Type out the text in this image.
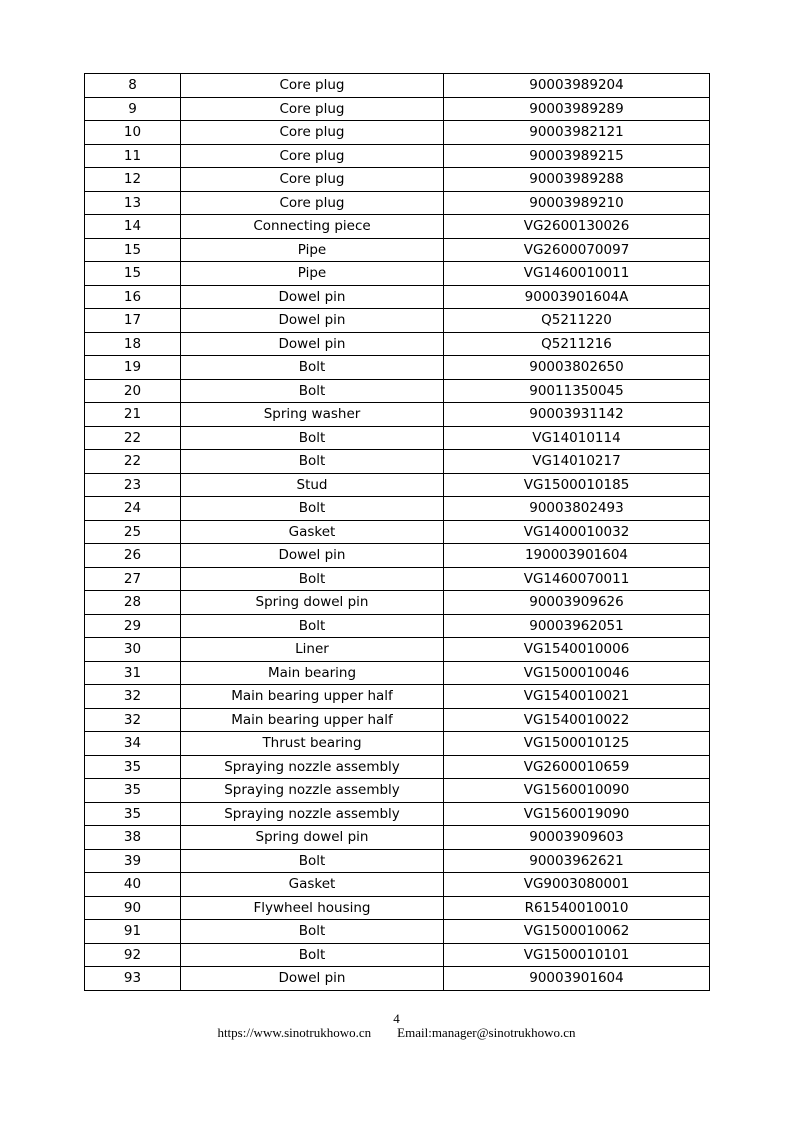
8	Core plug	90003989204
9	Core plug	90003989289
10	Core plug	90003982121
11	Core plug	90003989215
12	Core plug	90003989288
13	Core plug	90003989210
14	Connecting piece	VG2600130026
15	Pipe	VG2600070097
15	Pipe	VG1460010011
16	Dowel pin	90003901604A
17	Dowel pin	Q5211220
18	Dowel pin	Q5211216
19	Bolt	90003802650
20	Bolt	90011350045
21	Spring washer	90003931142
22	Bolt	VG14010114
22	Bolt	VG14010217
23	Stud	VG1500010185
24	Bolt	90003802493
25	Gasket	VG1400010032
26	Dowel pin	190003901604
27	Bolt	VG1460070011
28	Spring dowel pin	90003909626
29	Bolt	90003962051
30	Liner	VG1540010006
31	Main bearing	VG1500010046
32	Main bearing upper half	VG1540010021
32	Main bearing upper half	VG1540010022
34	Thrust bearing	VG1500010125
35	Spraying nozzle assembly	VG2600010659
35	Spraying nozzle assembly	VG1560010090
35	Spraying nozzle assembly	VG1560019090
38	Spring dowel pin	90003909603
39	Bolt	90003962621
40	Gasket	VG9003080001
90	Flywheel housing	R61540010010
91	Bolt	VG1500010062
92	Bolt	VG1500010101
93	Dowel pin	90003901604
4
https://www.sinotrukhowo.cn Email:manager@sinotrukhowo.cn
